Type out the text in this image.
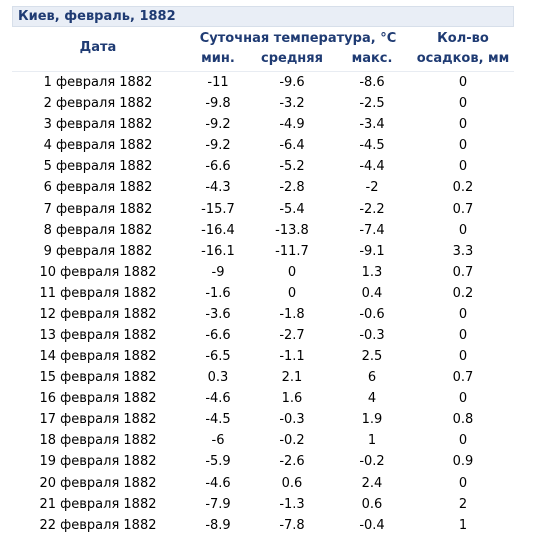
Киев, февраль, 1882
Дата
Суточная температура, °С
мин.	средняя	макс.
Кол-во
осадков, мм
1 февраля 1882	-11	-9.6	-8.6	0
2 февраля 1882	-9.8	-3.2	-2.5	0
3 февраля 1882	-9.2	-4.9	-3.4	0
4 февраля 1882	-9.2	-6.4	-4.5	0
5 февраля 1882	-6.6	-5.2	-4.4	0
6 февраля 1882	-4.3	-2.8	-2	0.2
7 февраля 1882	-15.7	-5.4	-2.2	0.7
8 февраля 1882	-16.4	-13.8	-7.4	0
9 февраля 1882	-16.1	-11.7	-9.1	3.3
10 февраля 1882	-9	0	1.3	0.7
11 февраля 1882	-1.6	0	0.4	0.2
12 февраля 1882	-3.6	-1.8	-0.6	0
13 февраля 1882	-6.6	-2.7	-0.3	0
14 февраля 1882	-6.5	-1.1	2.5	0
15 февраля 1882	0.3	2.1	6	0.7
16 февраля 1882	-4.6	1.6	4	0
17 февраля 1882	-4.5	-0.3	1.9	0.8
18 февраля 1882	-6	-0.2	1	0
19 февраля 1882	-5.9	-2.6	-0.2	0.9
20 февраля 1882	-4.6	0.6	2.4	0
21 февраля 1882	-7.9	-1.3	0.6	2
22 февраля 1882	-8.9	-7.8	-0.4	1
